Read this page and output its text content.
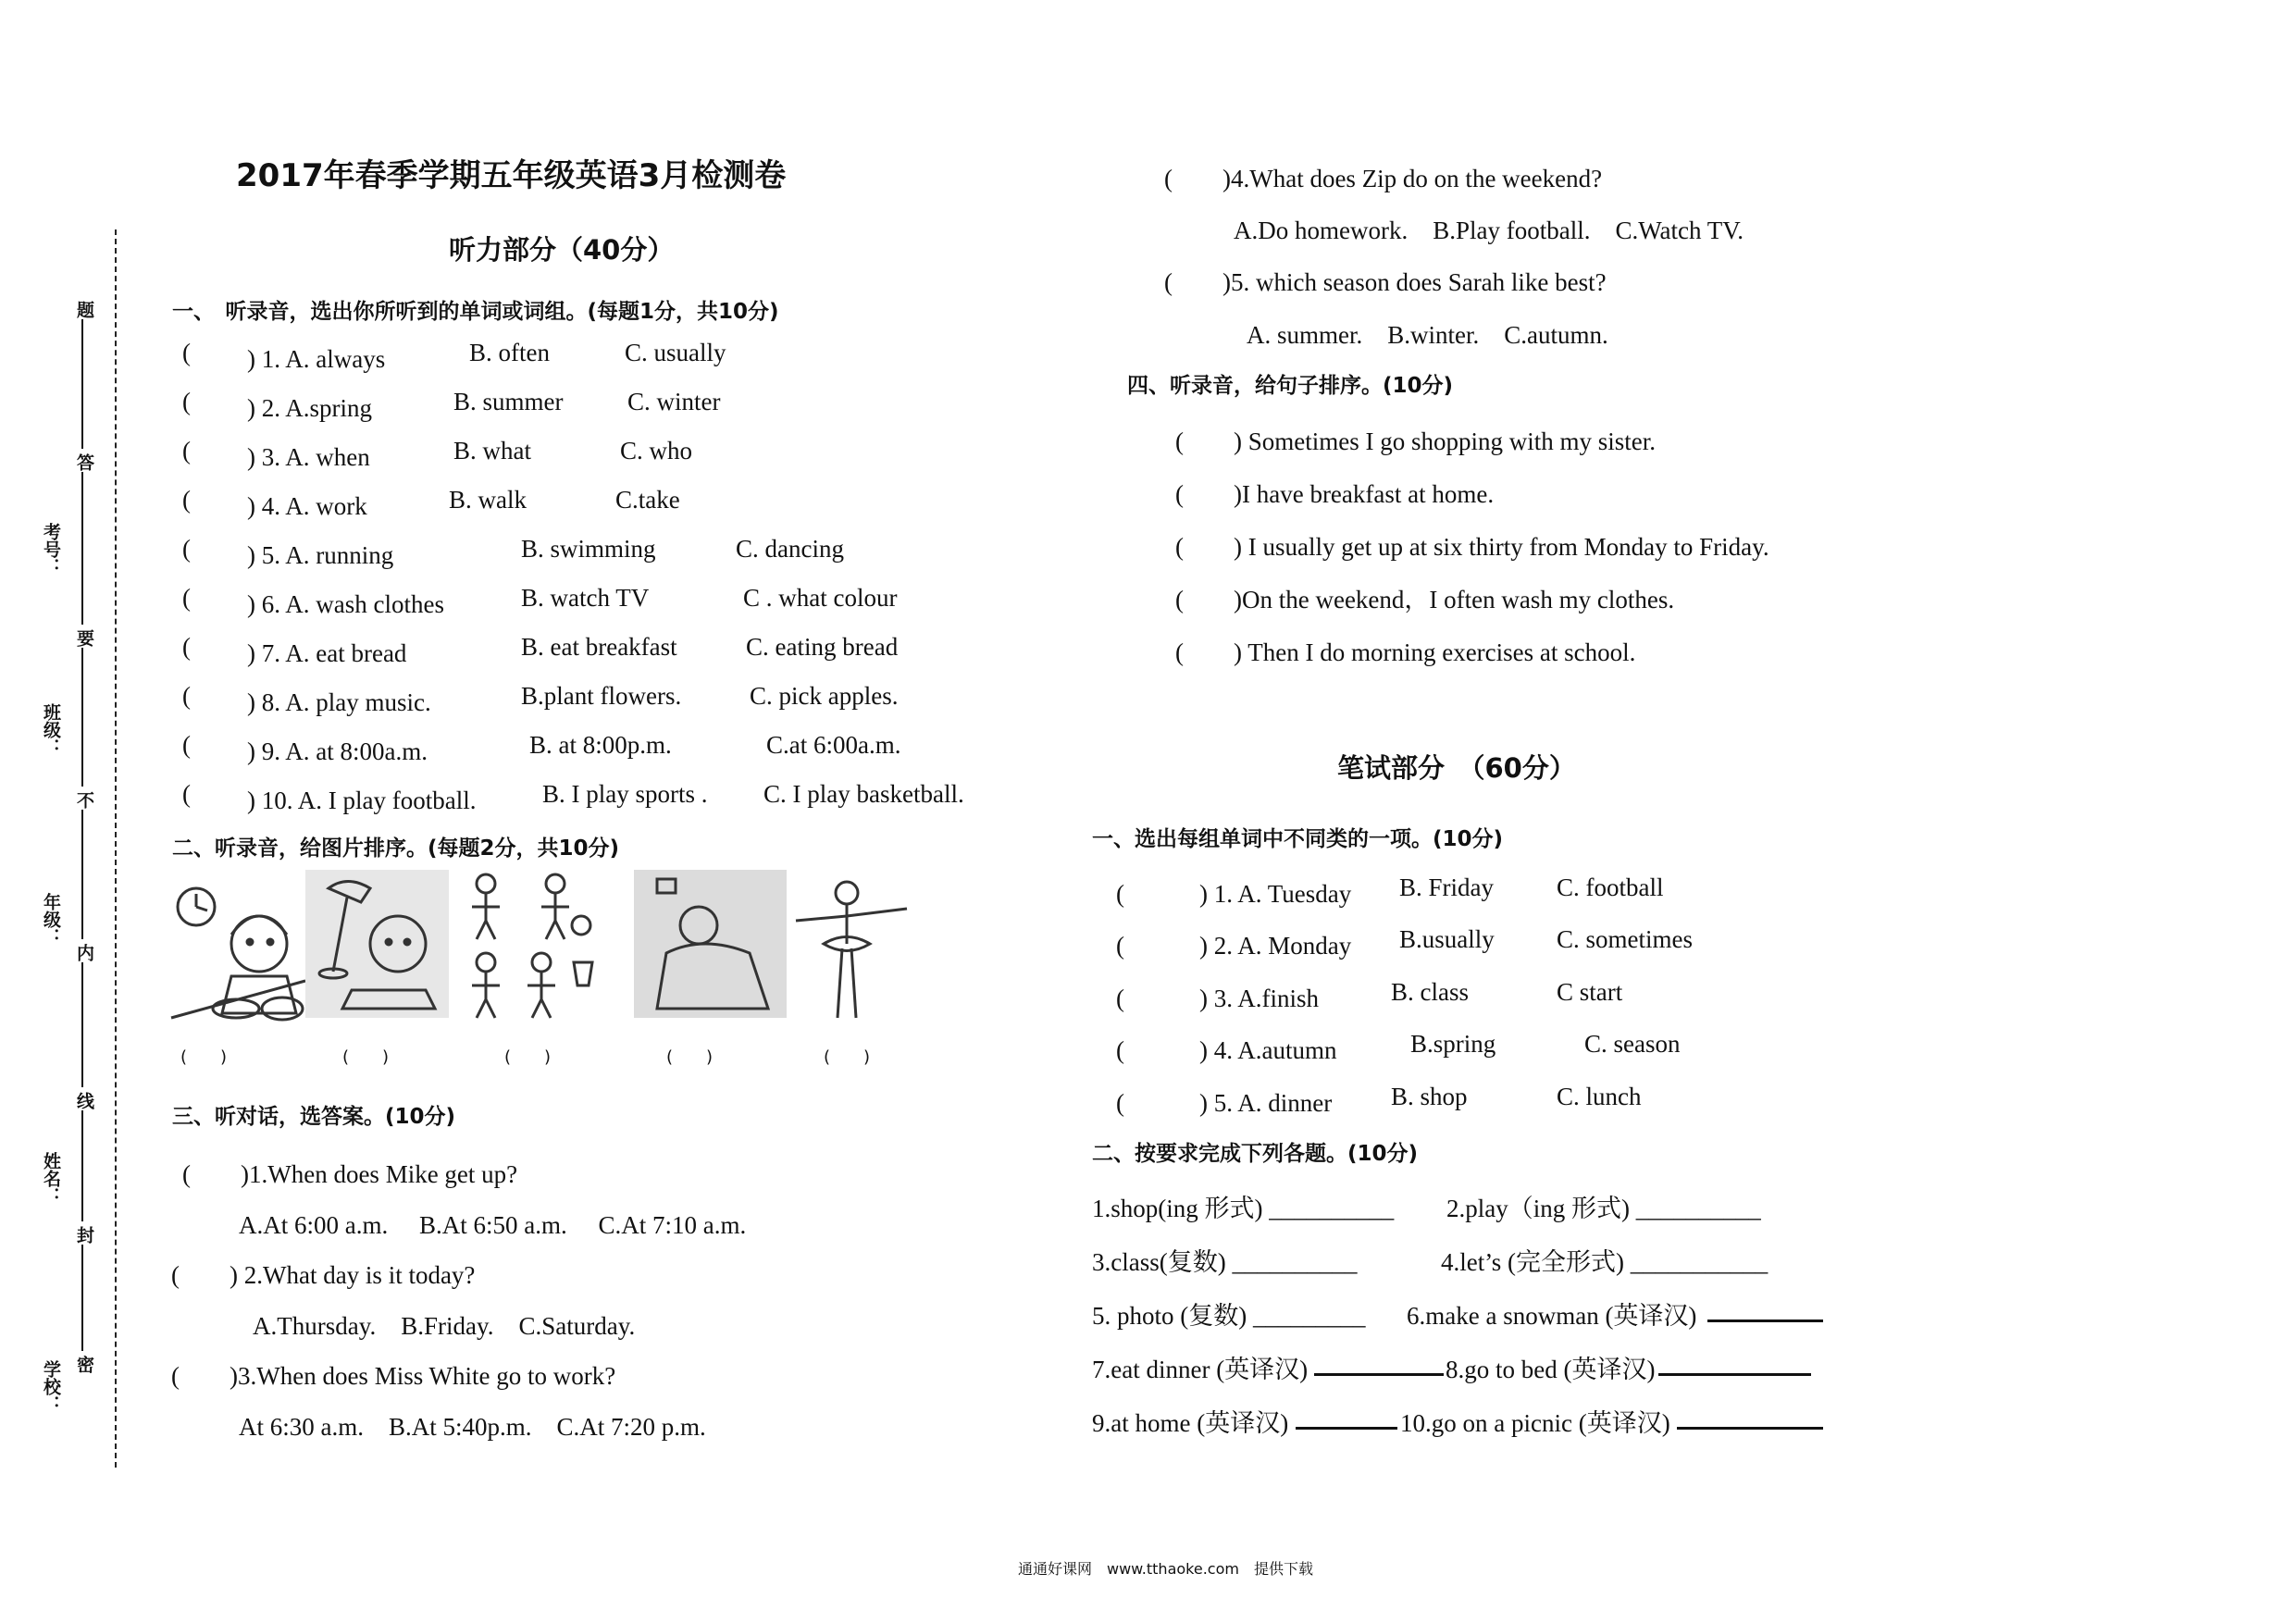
题
答
要
不
内
线
封
密
考号：
班级：
年级：
姓名：
学校：
2017年春季学期五年级英语3月检测卷
听力部分（40分）
一、　听录音，选出你所听到的单词或词组。(每题1分，共10分)
( 　) 1. A. always	B. often	C. usually
( 　) 2. A.spring	B. summer	C. winter
( 　) 3. A. when	B. what	C. who
( 　) 4. A. work	B. walk	C.take
( 　) 5. A. running	B. swimming	C. dancing
( 　) 6. A. wash clothes	B. watch TV	C . what colour
( 　) 7. A. eat bread	B. eat breakfast	C. eating bread
( 　) 8. A. play music.	B.plant flowers.	C. pick apples.
( 　) 9. A. at 8:00a.m.	B. at 8:00p.m.	C.at 6:00a.m.
( 　) 10. A. I play football.	B. I play sports . C. I play basketball.
二、听录音，给图片排序。(每题2分，共10分)
(　　)	(　　)	(　　)	(　　)	(　　)
三、听对话，选答案。(10分)
(　　)1.When does Mike get up?
A.At 6:00 a.m.　 B.At 6:50 a.m.　 C.At 7:10 a.m.
(　　) 2.What day is it today?
A.Thursday.　B.Friday.　C.Saturday.
(　　)3.When does Miss White go to work?
At 6:30 a.m.　B.At 5:40p.m.　C.At 7:20 p.m.
(　　)4.What does Zip do on the weekend?
A.Do homework.　B.Play football.　C.Watch TV.
(　　)5. which season does Sarah like best?
A. summer.　B.winter.　C.autumn.
四、听录音，给句子排序。(10分)
(　　) Sometimes I go shopping with my sister.
(　　)I have breakfast at home.
(　　) I usually get up at six thirty from Monday to Friday.
(　　)On the weekend，I often wash my clothes.
(　　) Then I do morning exercises at school.
笔试部分　（60分）
一、选出每组单词中不同类的一项。(10分)
(　　　) 1. A. Tuesday B. Friday	C. football
(　　　) 2. A. Monday B.usually C. sometimes
(　　　) 3. A.finish	B. class	C start
(　　　) 4. A.autumn	B.spring	C. season
(　　　) 5. A. dinner B. shop	C. lunch
二、按要求完成下列各题。(10分)
1.shop(ing 形式) __________ 2.play（ing 形式) __________
3.class(复数) __________	4.let’s (完全形式) ___________
5. photo (复数) _________ 6.make a snowman (英译汉)
7.eat dinner (英译汉)	8.go to bed (英译汉)
9.at home (英译汉)	10.go on a picnic (英译汉)
通通好课网　www.tthaoke.com　提供下载
